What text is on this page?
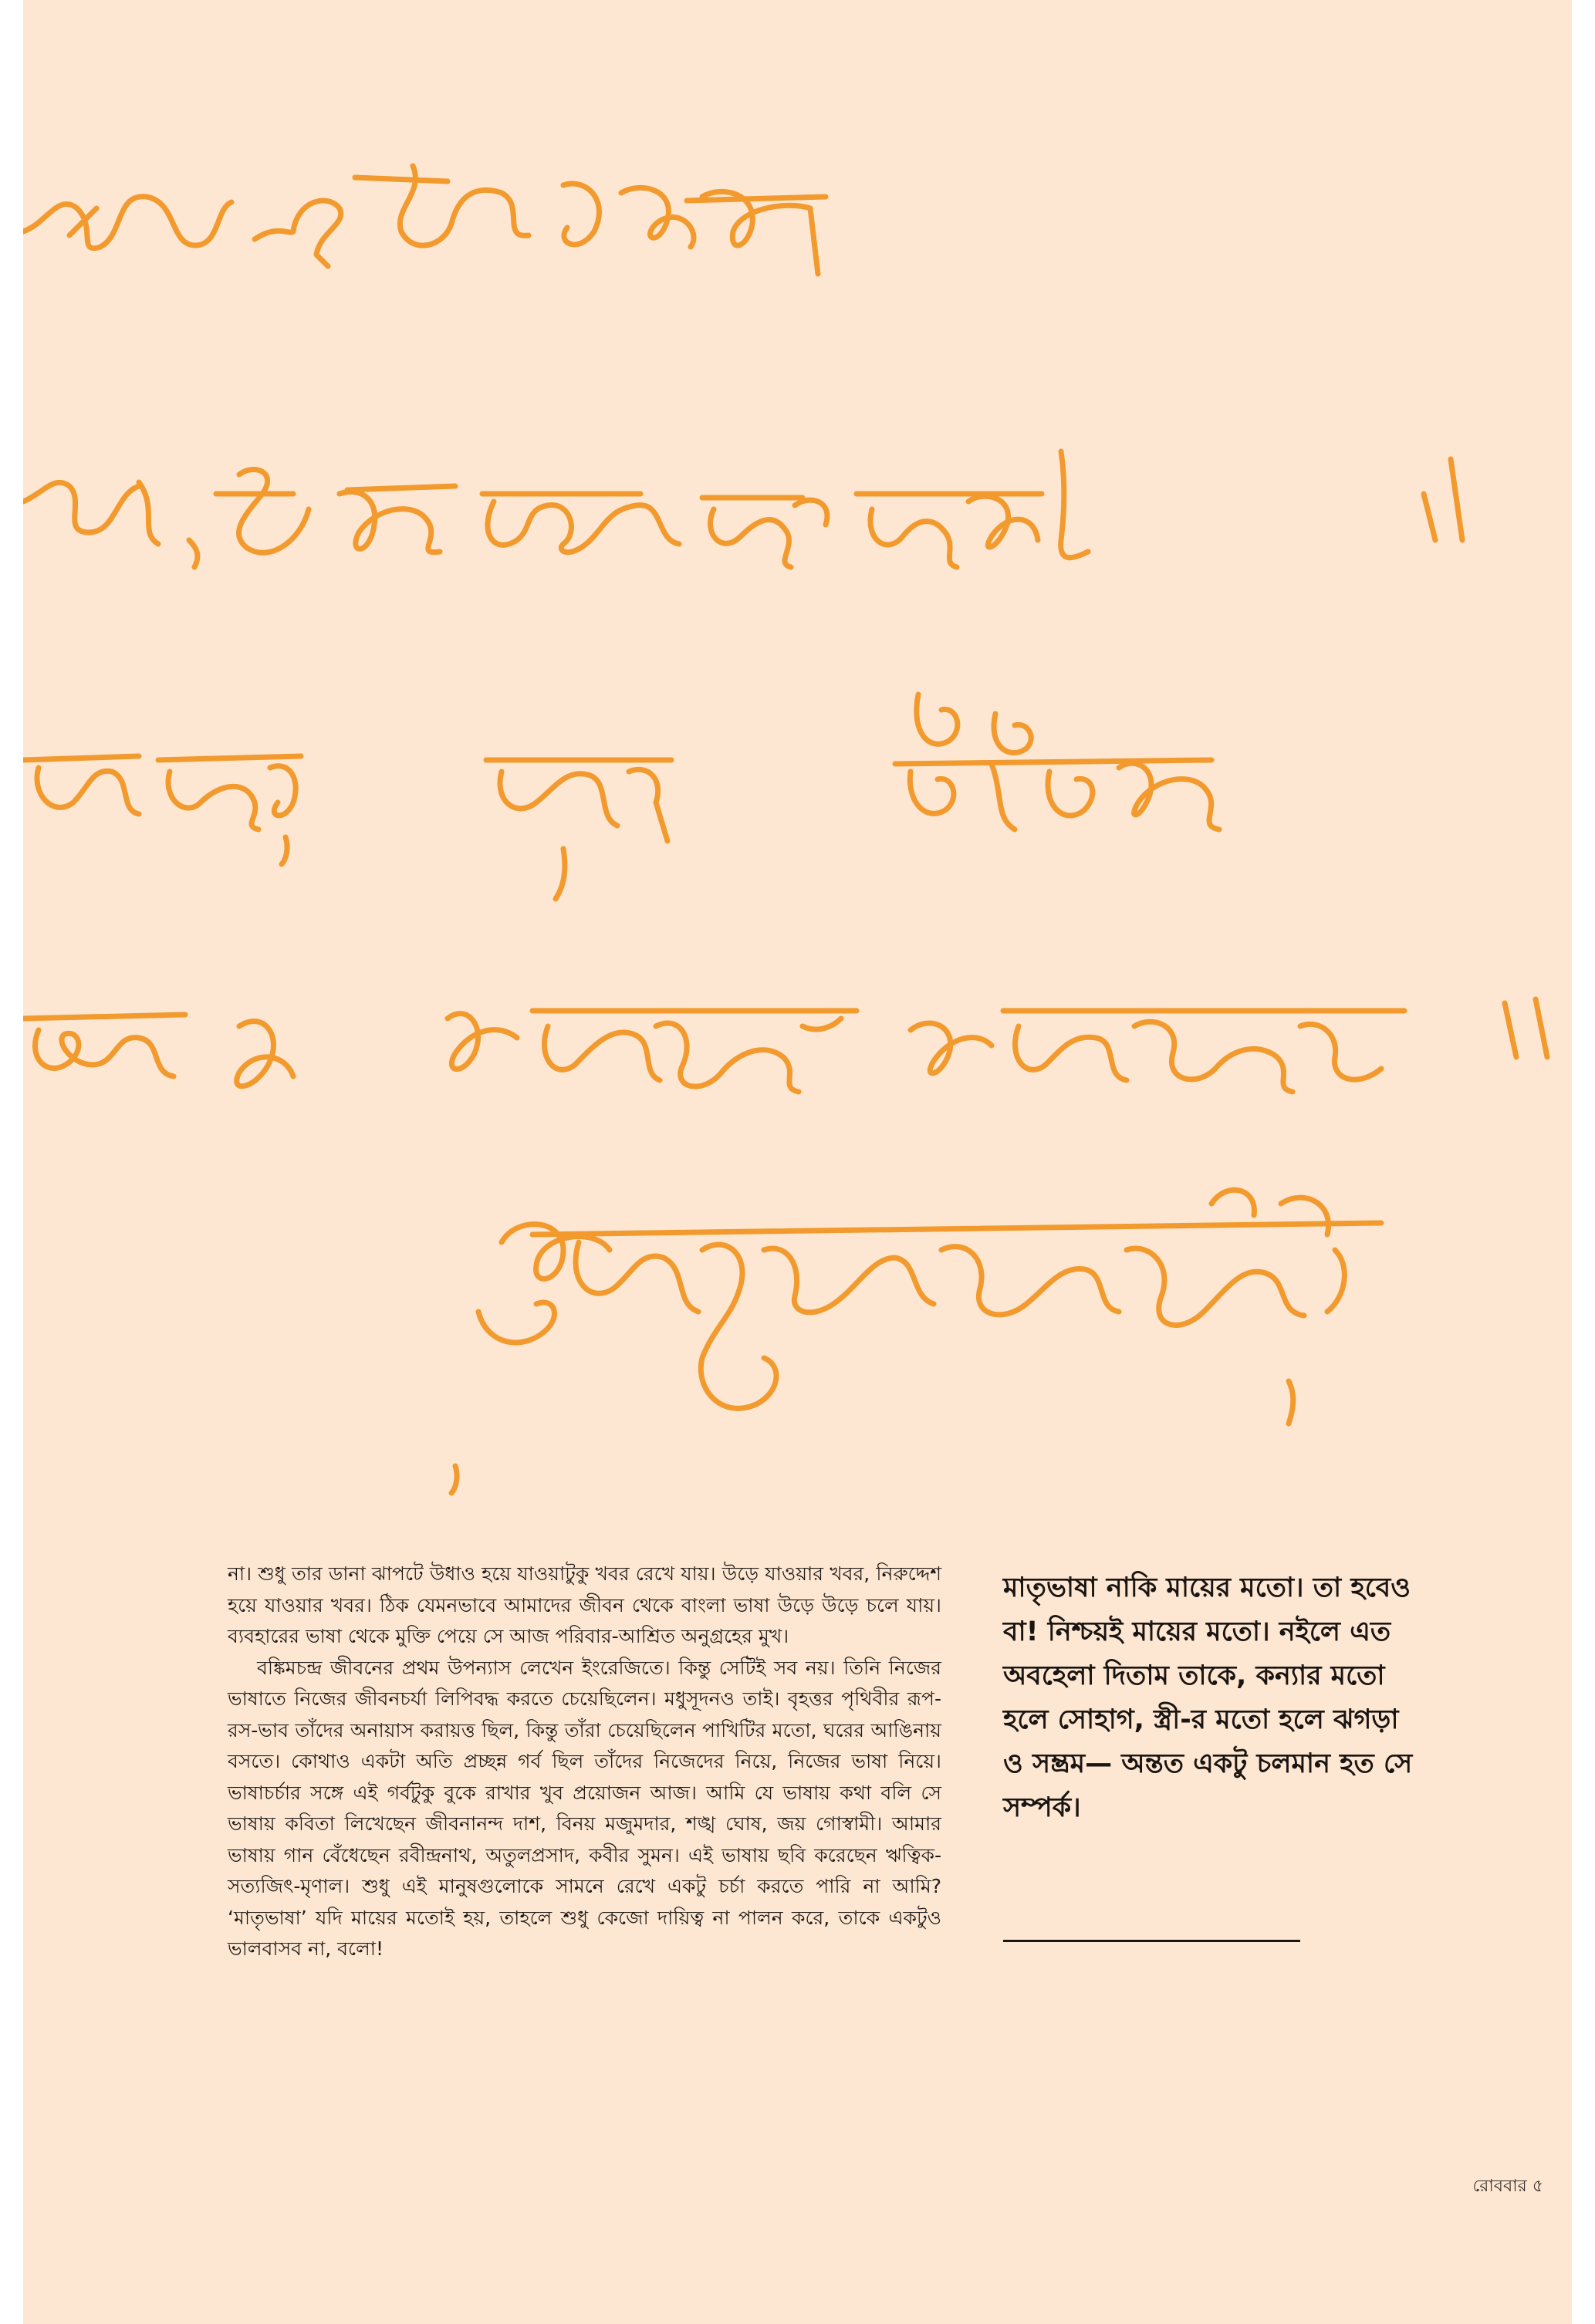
না। শুধু তার ডানা ঝাপটে উধাও হয়ে যাওয়াটুকু খবর রেখে যায়। উড়ে যাওয়ার খবর, নিরুদ্দেশ হয়ে যাওয়ার খবর। ঠিক যেমনভাবে আমাদের জীবন থেকে বাংলা ভাষা উড়ে উড়ে চলে যায়। ব্যবহারের ভাষা থেকে মুক্তি পেয়ে সে আজ পরিবার-আশ্রিত অনুগ্রহের মুখ।

বঙ্কিমচন্দ্র জীবনের প্রথম উপন্যাস লেখেন ইংরেজিতে। কিন্তু সেটিই সব নয়। তিনি নিজের ভাষাতে নিজের জীবনচর্যা লিপিবদ্ধ করতে চেয়েছিলেন। মধুসূদনও তাই। বৃহত্তর পৃথিবীর রূপ-রস-ভাব তাঁদের অনায়াস করায়ত্ত ছিল, কিন্তু তাঁরা চেয়েছিলেন পাখিটির মতো, ঘরের আঙিনায় বসতে। কোথাও একটা অতি প্রচ্ছন্ন গর্ব ছিল তাঁদের নিজেদের নিয়ে, নিজের ভাষা নিয়ে। ভাষাচর্চার সঙ্গে এই গর্বটুকু বুকে রাখার খুব প্রয়োজন আজ। আমি যে ভাষায় কথা বলি সে ভাষায় কবিতা লিখেছেন জীবনানন্দ দাশ, বিনয় মজুমদার, শঙ্খ ঘোষ, জয় গোস্বামী। আমার ভাষায় গান বেঁধেছেন রবীন্দ্রনাথ, অতুলপ্রসাদ, কবীর সুমন। এই ভাষায় ছবি করেছেন ঋত্বিক-সত্যজিৎ-মৃণাল। শুধু এই মানুষগুলোকে সামনে রেখে একটু চর্চা করতে পারি না আমি? ‘মাতৃভাষা’ যদি মায়ের মতোই হয়, তাহলে শুধু কেজো দায়িত্ব না পালন করে, তাকে একটুও ভালবাসব না, বলো!

মাতৃভাষা নাকি মায়ের মতো। তা হবেও বা! নিশ্চয়ই মায়ের মতো। নইলে এত অবহেলা দিতাম তাকে, কন্যার মতো হলে সোহাগ, স্ত্রী-র মতো হলে ঝগড়া ও সম্ভ্রম— অন্তত একটু চলমান হত সে সম্পর্ক।
রোববার ৫
